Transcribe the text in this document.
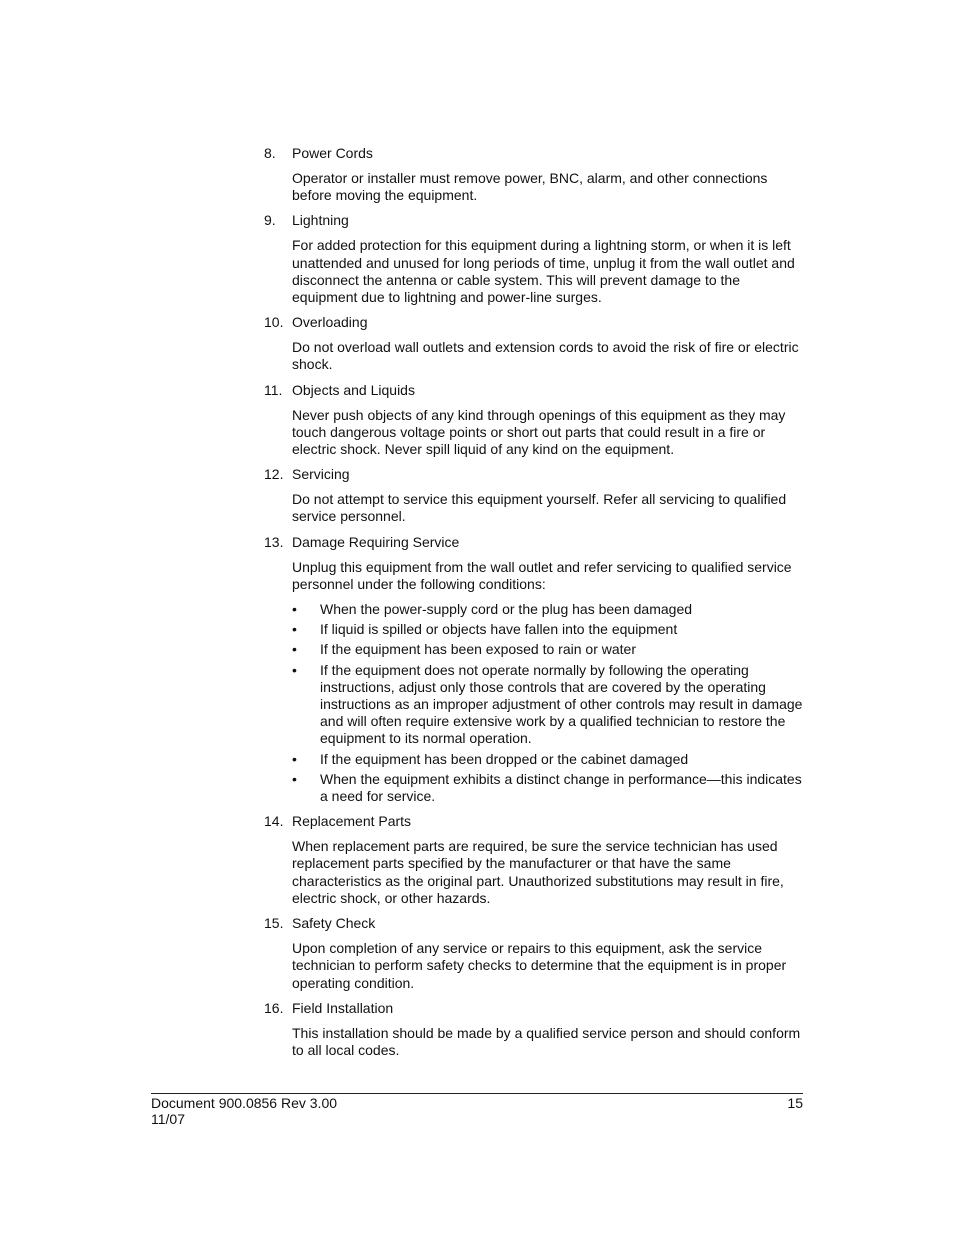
8.	Power Cords

Operator or installer must remove power, BNC, alarm, and other connections before moving the equipment.

9.	Lightning

For added protection for this equipment during a lightning storm, or when it is left unattended and unused for long periods of time, unplug it from the wall outlet and disconnect the antenna or cable system. This will prevent damage to the equipment due to lightning and power-line surges.

10. Overloading

Do not overload wall outlets and extension cords to avoid the risk of fire or electric shock.

11. Objects and Liquids

Never push objects of any kind through openings of this equipment as they may touch dangerous voltage points or short out parts that could result in a fire or electric shock. Never spill liquid of any kind on the equipment.

12. Servicing

Do not attempt to service this equipment yourself. Refer all servicing to qualified service personnel.

13. Damage Requiring Service

Unplug this equipment from the wall outlet and refer servicing to qualified service personnel under the following conditions:

•	When the power-supply cord or the plug has been damaged
•	If liquid is spilled or objects have fallen into the equipment
•	If the equipment has been exposed to rain or water
•	If the equipment does not operate normally by following the operating instructions, adjust only those controls that are covered by the operating instructions as an improper adjustment of other controls may result in damage and will often require extensive work by a qualified technician to restore the equipment to its normal operation.
•	If the equipment has been dropped or the cabinet damaged
•	When the equipment exhibits a distinct change in performance—this indicates a need for service.
14. Replacement Parts

When replacement parts are required, be sure the service technician has used replacement parts specified by the manufacturer or that have the same characteristics as the original part. Unauthorized substitutions may result in fire, electric shock, or other hazards.

15. Safety Check

Upon completion of any service or repairs to this equipment, ask the service technician to perform safety checks to determine that the equipment is in proper operating condition.

16. Field Installation

This installation should be made by a qualified service person and should conform to all local codes.

Document 900.0856 Rev 3.00	15
11/07
